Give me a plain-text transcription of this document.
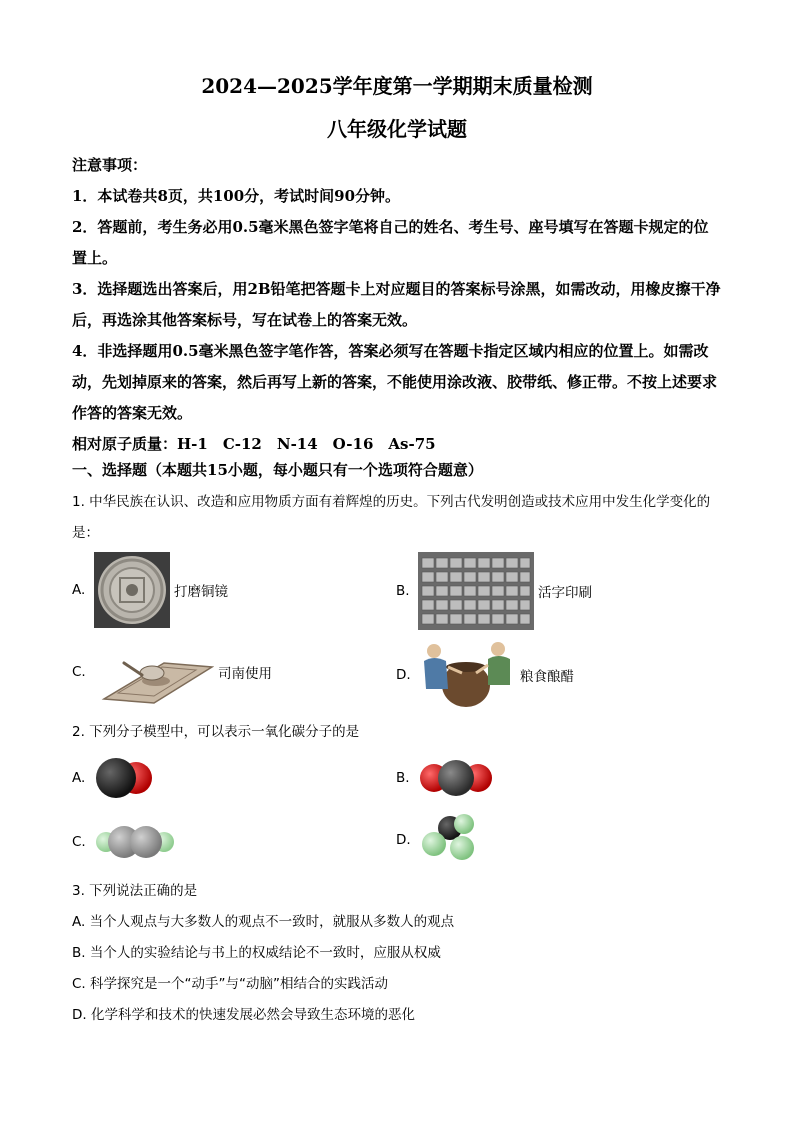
2024—2025学年度第一学期期末质量检测
八年级化学试题

注意事项：

1．本试卷共8页，共100分，考试时间90分钟。

2．答题前，考生务必用0.5毫米黑色签字笔将自己的姓名、考生号、座号填写在答题卡规定的位置上。

3．选择题选出答案后，用2B铅笔把答题卡上对应题目的答案标号涂黑，如需改动，用橡皮擦干净后，再选涂其他答案标号，写在试卷上的答案无效。

4．非选择题用0.5毫米黑色签字笔作答，答案必须写在答题卡指定区域内相应的位置上。如需改动，先划掉原来的答案，然后再写上新的答案，不能使用涂改液、胶带纸、修正带。不按上述要求作答的答案无效。

相对原子质量：H-1　C-12　N-14　O-16　As-75

一、选择题（本题共15小题，每小题只有一个选项符合题意）
1. 中华民族在认识、改造和应用物质方面有着辉煌的历史。下列古代发明创造或技术应用中发生化学变化的是：
A.	打磨铜镜	B.	活字印刷
C.	司南使用	D.	粮食酿醋
2. 下列分子模型中，可以表示一氧化碳分子的是
A.	B.
C.	D.
3. 下列说法正确的是
A. 当个人观点与大多数人的观点不一致时，就服从多数人的观点
B. 当个人的实验结论与书上的权威结论不一致时，应服从权威
C. 科学探究是一个“动手”与“动脑”相结合的实践活动
D. 化学科学和技术的快速发展必然会导致生态环境的恶化
